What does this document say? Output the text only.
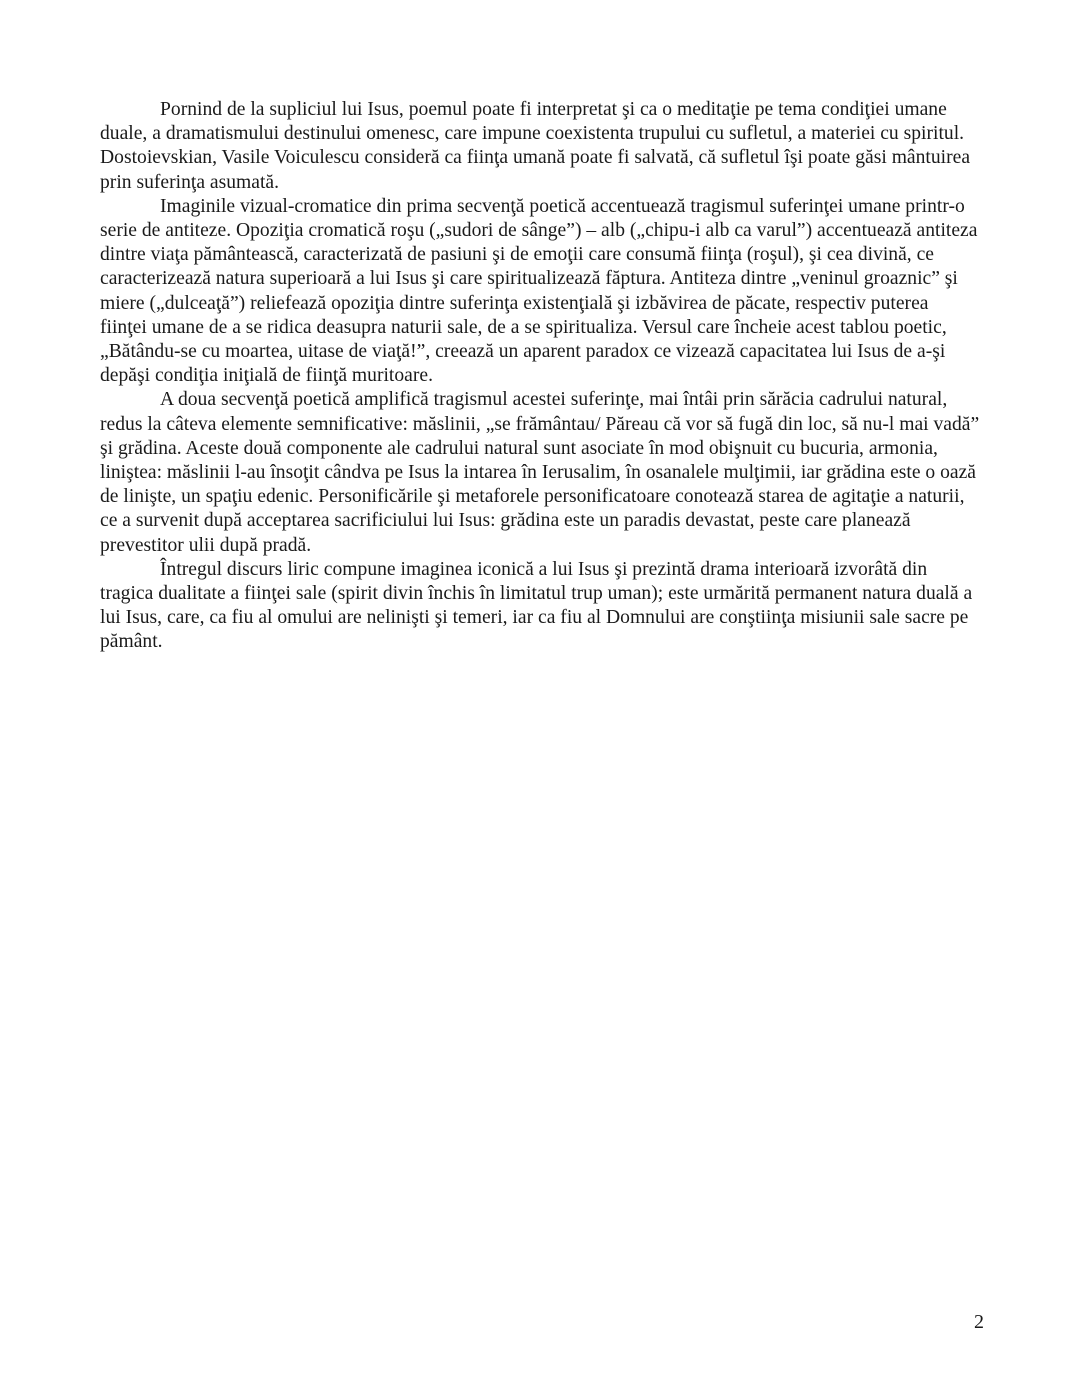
Pornind de la supliciul lui Isus, poemul poate fi interpretat şi ca o meditaţie pe tema condiţiei umane duale, a dramatismului destinului omenesc, care impune coexistenta trupului cu sufletul, a materiei cu spiritul. Dostoievskian, Vasile Voiculescu consideră ca fiinţa umană poate fi salvată, că sufletul îşi poate găsi mântuirea prin suferinţa asumată.

Imaginile vizual-cromatice din prima secvenţă poetică accentuează tragismul suferinţei umane printr-o serie de antiteze. Opoziţia cromatică roşu („sudori de sânge”) – alb („chipu-i alb ca varul”) accentuează antiteza dintre viaţa pământească, caracterizată de pasiuni şi de emoţii care consumă fiinţa (roşul), şi cea divină, ce caracterizează natura superioară a lui Isus şi care spiritualizează făptura. Antiteza dintre „veninul groaznic” şi miere („dulceaţă”) reliefează opoziţia dintre suferinţa existenţială şi izbăvirea de păcate, respectiv puterea fiinţei umane de a se ridica deasupra naturii sale, de a se spiritualiza. Versul care încheie acest tablou poetic, „Bătându-se cu moartea, uitase de viaţă!”, creează un aparent paradox ce vizează capacitatea lui Isus de a-şi depăşi condiţia iniţială de fiinţă muritoare.

A doua secvenţă poetică amplifică tragismul acestei suferinţe, mai întâi prin sărăcia cadrului natural, redus la câteva elemente semnificative: măslinii, „se frământau/ Păreau că vor să fugă din loc, să nu-l mai vadă” şi grădina. Aceste două componente ale cadrului natural sunt asociate în mod obişnuit cu bucuria, armonia, liniştea: măslinii l-au însoţit cândva pe Isus la intarea în Ierusalim, în osanalele mulţimii, iar grădina este o oază de linişte, un spaţiu edenic. Personificările şi metaforele personificatoare conotează starea de agitaţie a naturii, ce a survenit după acceptarea sacrificiului lui Isus: grădina este un paradis devastat, peste care planează prevestitor ulii după pradă.

Întregul discurs liric compune imaginea iconică a lui Isus şi prezintă drama interioară izvorâtă din tragica dualitate a fiinţei sale (spirit divin închis în limitatul trup uman); este urmărită permanent natura duală a lui Isus, care, ca fiu al omului are nelinişti şi temeri, iar ca fiu al Domnului are conştiinţa misiunii sale sacre pe pământ.

2
